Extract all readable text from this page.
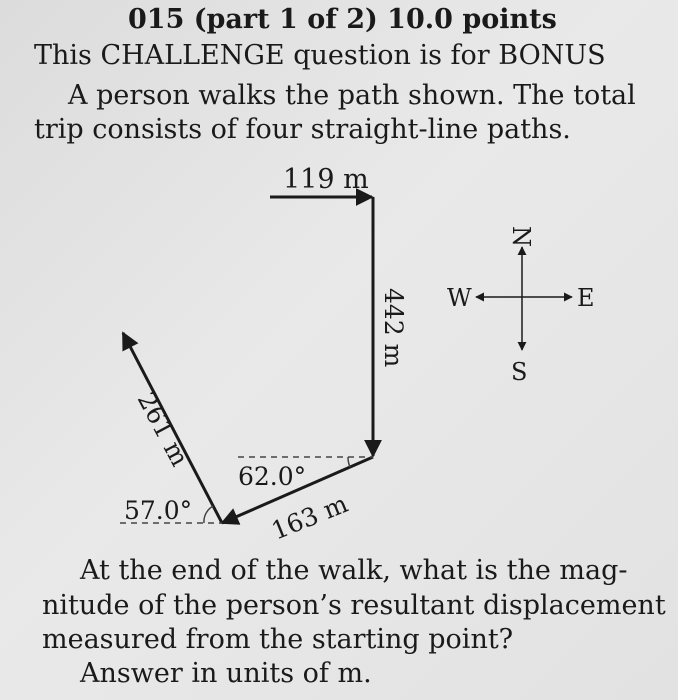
015 (part 1 of 2) 10.0 points
This CHALLENGE question is for BONUS
A person walks the path shown. The total
trip consists of four straight-line paths.
119 m
442 m
163 m
261 m
62.0°
57.0°
N
S
W	E
At the end of the walk, what is the mag-
nitude of the person’s resultant displacement
measured from the starting point?
Answer in units of m.
